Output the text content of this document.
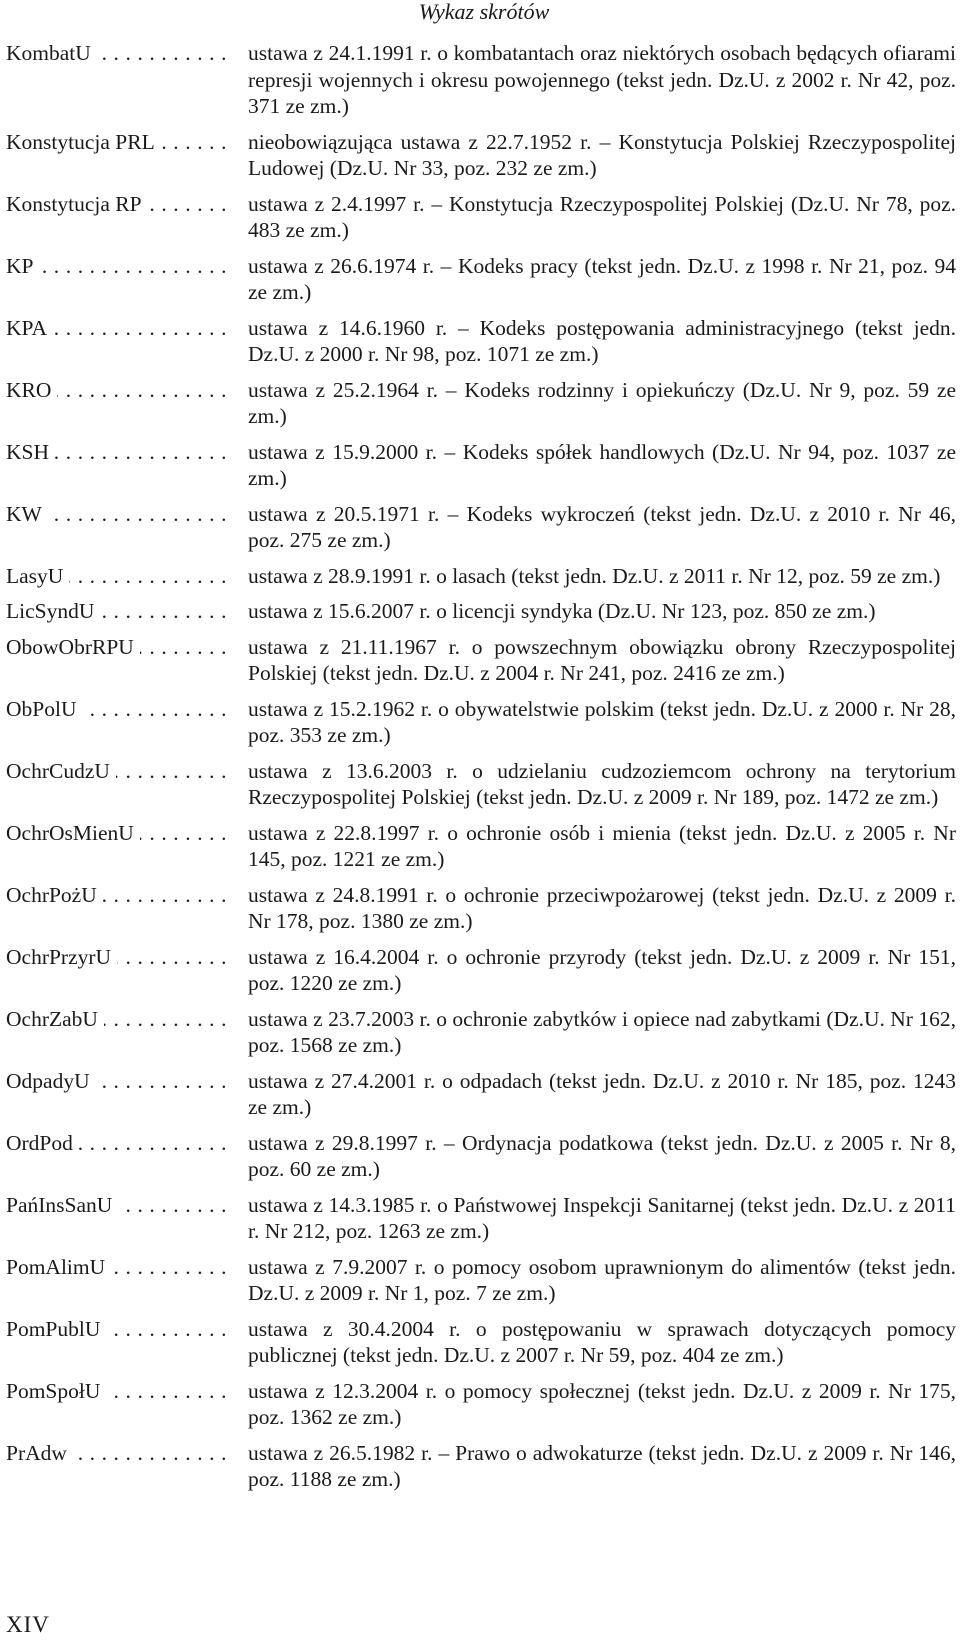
Wykaz skrótów
KombatU . . .	ustawa z 24.1.1991 r. o kombatantach oraz niektórych osobach będących ofiarami represji wojennych i okresu powojennego (tekst jedn. Dz.U. z 2002 r. Nr 42, poz. 371 ze zm.)
Konstytucja PRL . . .	nieobowiązująca ustawa z 22.7.1952 r. – Konstytucja Polskiej Rzeczypospolitej Ludowej (Dz.U. Nr 33, poz. 232 ze zm.)
Konstytucja RP . . .	ustawa z 2.4.1997 r. – Konstytucja Rzeczypospolitej Polskiej (Dz.U. Nr 78, poz. 483 ze zm.)
KP . . .	ustawa z 26.6.1974 r. – Kodeks pracy (tekst jedn. Dz.U. z 1998 r. Nr 21, poz. 94 ze zm.)
KPA . . .	ustawa z 14.6.1960 r. – Kodeks postępowania administracyjnego (tekst jedn. Dz.U. z 2000 r. Nr 98, poz. 1071 ze zm.)
KRO . . .	ustawa z 25.2.1964 r. – Kodeks rodzinny i opiekuńczy (Dz.U. Nr 9, poz. 59 ze zm.)
KSH . . .	ustawa z 15.9.2000 r. – Kodeks spółek handlowych (Dz.U. Nr 94, poz. 1037 ze zm.)
KW . . .	ustawa z 20.5.1971 r. – Kodeks wykroczeń (tekst jedn. Dz.U. z 2010 r. Nr 46, poz. 275 ze zm.)
LasyU . . .	ustawa z 28.9.1991 r. o lasach (tekst jedn. Dz.U. z 2011 r. Nr 12, poz. 59 ze zm.)
LicSyndU . . .	ustawa z 15.6.2007 r. o licencji syndyka (Dz.U. Nr 123, poz. 850 ze zm.)
ObowObrRPU . . .	ustawa z 21.11.1967 r. o powszechnym obowiązku obrony Rzeczypospolitej Polskiej (tekst jedn. Dz.U. z 2004 r. Nr 241, poz. 2416 ze zm.)
ObPolU . . .	ustawa z 15.2.1962 r. o obywatelstwie polskim (tekst jedn. Dz.U. z 2000 r. Nr 28, poz. 353 ze zm.)
OchrCudzU . . .	ustawa z 13.6.2003 r. o udzielaniu cudzoziemcom ochrony na terytorium Rzeczypospolitej Polskiej (tekst jedn. Dz.U. z 2009 r. Nr 189, poz. 1472 ze zm.)
OchrOsMienU . . .	ustawa z 22.8.1997 r. o ochronie osób i mienia (tekst jedn. Dz.U. z 2005 r. Nr 145, poz. 1221 ze zm.)
OchrPożU . . .	ustawa z 24.8.1991 r. o ochronie przeciwpożarowej (tekst jedn. Dz.U. z 2009 r. Nr 178, poz. 1380 ze zm.)
OchrPrzyrU . . .	ustawa z 16.4.2004 r. o ochronie przyrody (tekst jedn. Dz.U. z 2009 r. Nr 151, poz. 1220 ze zm.)
OchrZabU . . .	ustawa z 23.7.2003 r. o ochronie zabytków i opiece nad zabytkami (Dz.U. Nr 162, poz. 1568 ze zm.)
OdpadyU . . .	ustawa z 27.4.2001 r. o odpadach (tekst jedn. Dz.U. z 2010 r. Nr 185, poz. 1243 ze zm.)
OrdPod . . .	ustawa z 29.8.1997 r. – Ordynacja podatkowa (tekst jedn. Dz.U. z 2005 r. Nr 8, poz. 60 ze zm.)
PańInsSanU . . .	ustawa z 14.3.1985 r. o Państwowej Inspekcji Sanitarnej (tekst jedn. Dz.U. z 2011 r. Nr 212, poz. 1263 ze zm.)
PomAlimU . . .	ustawa z 7.9.2007 r. o pomocy osobom uprawnionym do alimentów (tekst jedn. Dz.U. z 2009 r. Nr 1, poz. 7 ze zm.)
PomPublU . . .	ustawa z 30.4.2004 r. o postępowaniu w sprawach dotyczących pomocy publicznej (tekst jedn. Dz.U. z 2007 r. Nr 59, poz. 404 ze zm.)
PomSpołU . . .	ustawa z 12.3.2004 r. o pomocy społecznej (tekst jedn. Dz.U. z 2009 r. Nr 175, poz. 1362 ze zm.)
PrAdw . . .	ustawa z 26.5.1982 r. – Prawo o adwokaturze (tekst jedn. Dz.U. z 2009 r. Nr 146, poz. 1188 ze zm.)
XIV
